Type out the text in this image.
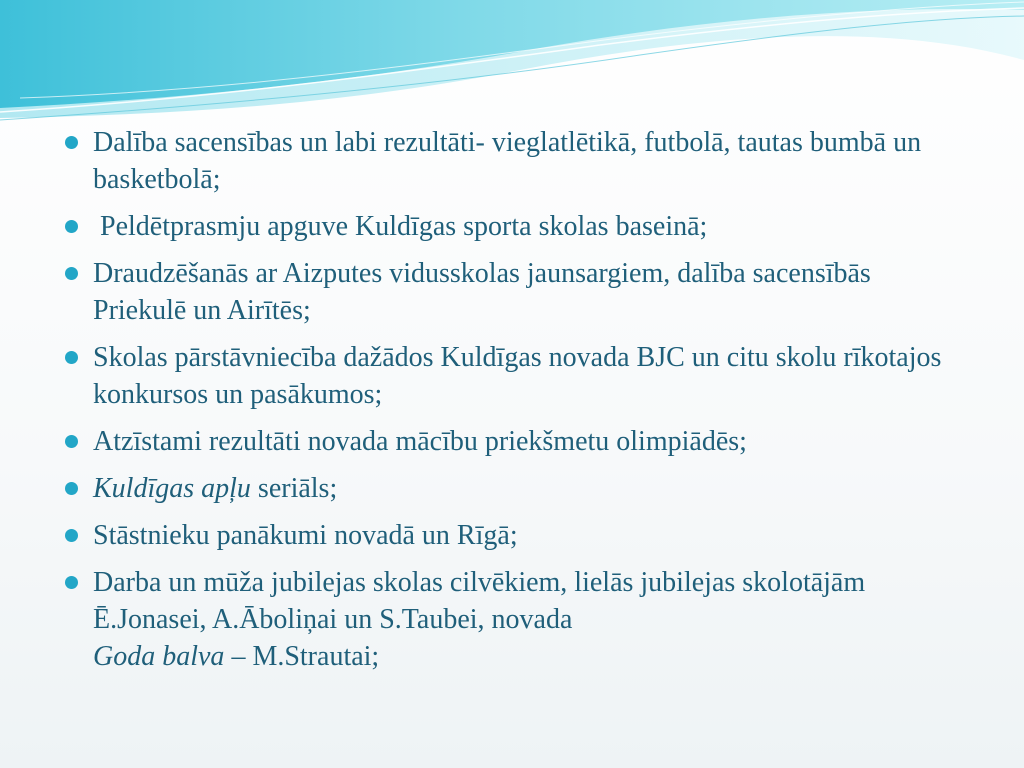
Dalība sacensības un labi rezultāti- vieglatlētikā, futbolā, tautas bumbā un basketbolā;
Peldētprasmju apguve Kuldīgas sporta skolas baseinā;
Draudzēšanās ar Aizputes vidusskolas jaunsargiem, dalība sacensībās Priekulē un Airītēs;
Skolas pārstāvniecība dažādos Kuldīgas novada BJC un citu skolu rīkotajos konkursos un pasākumos;
Atzīstami rezultāti novada mācību priekšmetu olimpiādēs;
Kuldīgas apļu seriāls;
Stāstnieku panākumi novadā un Rīgā;
Darba un mūža jubilejas skolas cilvēkiem, lielās jubilejas skolotājām Ē.Jonasei, A.Āboliņai un S.Taubei, novada
Goda balva – M.Strautai;
